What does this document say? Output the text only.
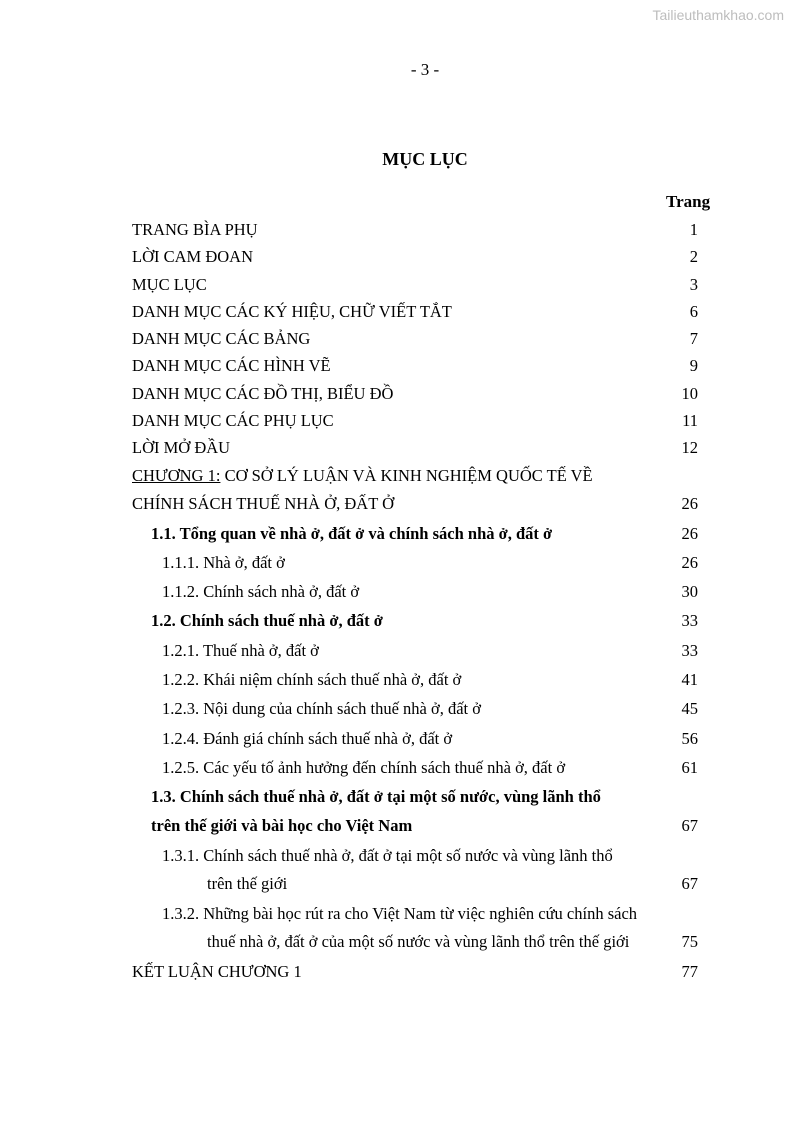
Tailieuthamkhao.com
- 3 -
MỤC LỤC
Trang
TRANG BÌA PHỤ	1
LỜI CAM ĐOAN	2
MỤC LỤC	3
DANH MỤC CÁC KÝ HIỆU, CHỮ VIẾT TẮT	6
DANH MỤC CÁC BẢNG	7
DANH MỤC CÁC HÌNH VẼ	9
DANH MỤC CÁC ĐỒ THỊ, BIỂU ĐỒ	10
DANH MỤC CÁC PHỤ LỤC	11
LỜI MỞ ĐẦU	12
CHƯƠNG 1: CƠ SỞ LÝ LUẬN VÀ KINH NGHIỆM QUỐC TẾ VỀ
CHÍNH SÁCH THUẾ NHÀ Ở, ĐẤT Ở	26
1.1. Tổng quan về nhà ở, đất ở và chính sách nhà ở, đất ở	26
1.1.1. Nhà ở, đất ở	26
1.1.2. Chính sách nhà ở, đất ở	30
1.2. Chính sách thuế nhà ở, đất ở	33
1.2.1. Thuế nhà ở, đất ở	33
1.2.2. Khái niệm chính sách thuế nhà ở, đất ở	41
1.2.3. Nội dung của chính sách thuế nhà ở, đất ở	45
1.2.4. Đánh giá chính sách thuế nhà ở, đất ở	56
1.2.5. Các yếu tố ảnh hưởng đến chính sách thuế nhà ở, đất ở	61
1.3. Chính sách thuế nhà ở, đất ở tại một số nước, vùng lãnh thổ
trên thế giới và bài học cho Việt Nam	67
1.3.1. Chính sách thuế nhà ở, đất ở tại một số nước và vùng lãnh thổ
trên thế giới	67
1.3.2. Những bài học rút ra cho Việt Nam từ việc nghiên cứu chính sách
thuế nhà ở, đất ở của một số nước và vùng lãnh thổ trên thế giới	75
KẾT LUẬN CHƯƠNG 1	77
